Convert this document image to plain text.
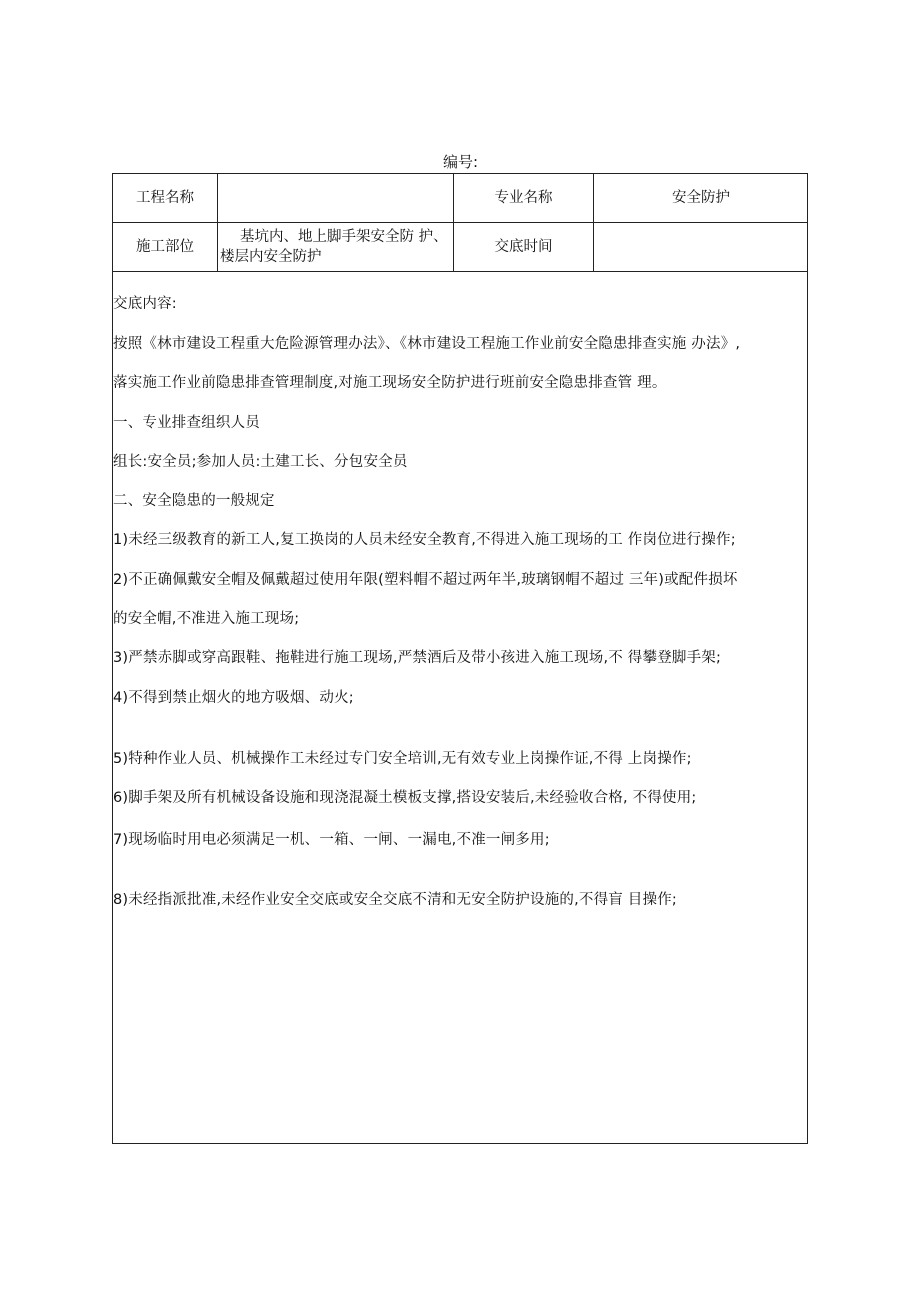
编号:
工程名称	专业名称	安全防护
施工部位
基坑内、地上脚手架安全防 护、
楼层内安全防护
交底时间
交底内容:
按照《林市建设工程重大危险源管理办法》、《林市建设工程施工作业前安全隐患排查实施 办法》,
落实施工作业前隐患排查管理制度,对施工现场安全防护进行班前安全隐患排查管 理。
一、专业排查组织人员
组长:安全员;参加人员:土建工长、分包安全员
二、安全隐患的一般规定
1)未经三级教育的新工人,复工换岗的人员未经安全教育,不得进入施工现场的工 作岗位进行操作;
2)不正确佩戴安全帽及佩戴超过使用年限(塑料帽不超过两年半,玻璃钢帽不超过 三年)或配件损坏
的安全帽,不准进入施工现场;
3)严禁赤脚或穿高跟鞋、拖鞋进行施工现场,严禁酒后及带小孩进入施工现场,不 得攀登脚手架;
4)不得到禁止烟火的地方吸烟、动火;
5)特种作业人员、机械操作工未经过专门安全培训,无有效专业上岗操作证,不得 上岗操作;
6)脚手架及所有机械设备设施和现浇混凝土模板支撑,搭设安装后,未经验收合格, 不得使用;
7)现场临时用电必须满足一机、一箱、一闸、一漏电,不准一闸多用;
8)未经指派批准,未经作业安全交底或安全交底不清和无安全防护设施的,不得盲 目操作;
